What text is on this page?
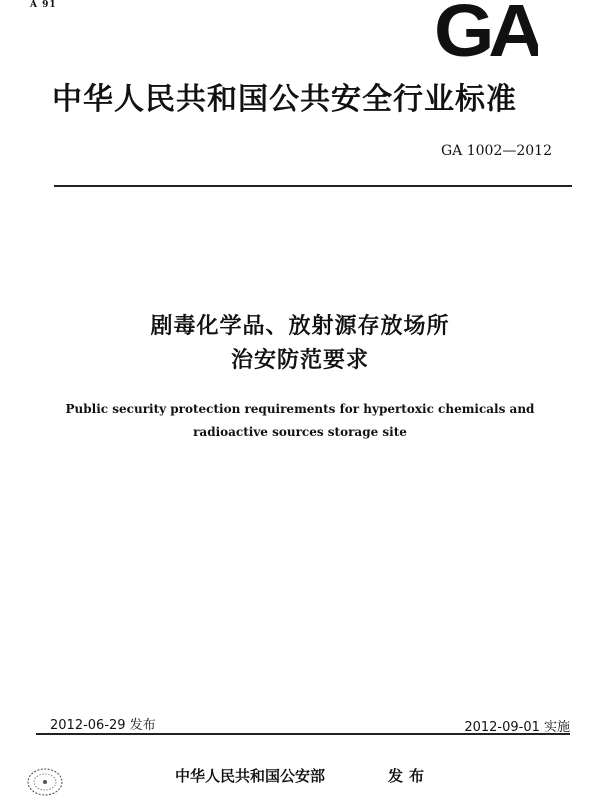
A 91	GA
中华人民共和国公共安全行业标准
GA 1002—2012
剧毒化学品、放射源存放场所
治安防范要求
Public security protection requirements for hypertoxic chemicals and
radioactive sources storage site
2012-06-29 发布	2012-09-01 实施
中华人民共和国公安部	发布
